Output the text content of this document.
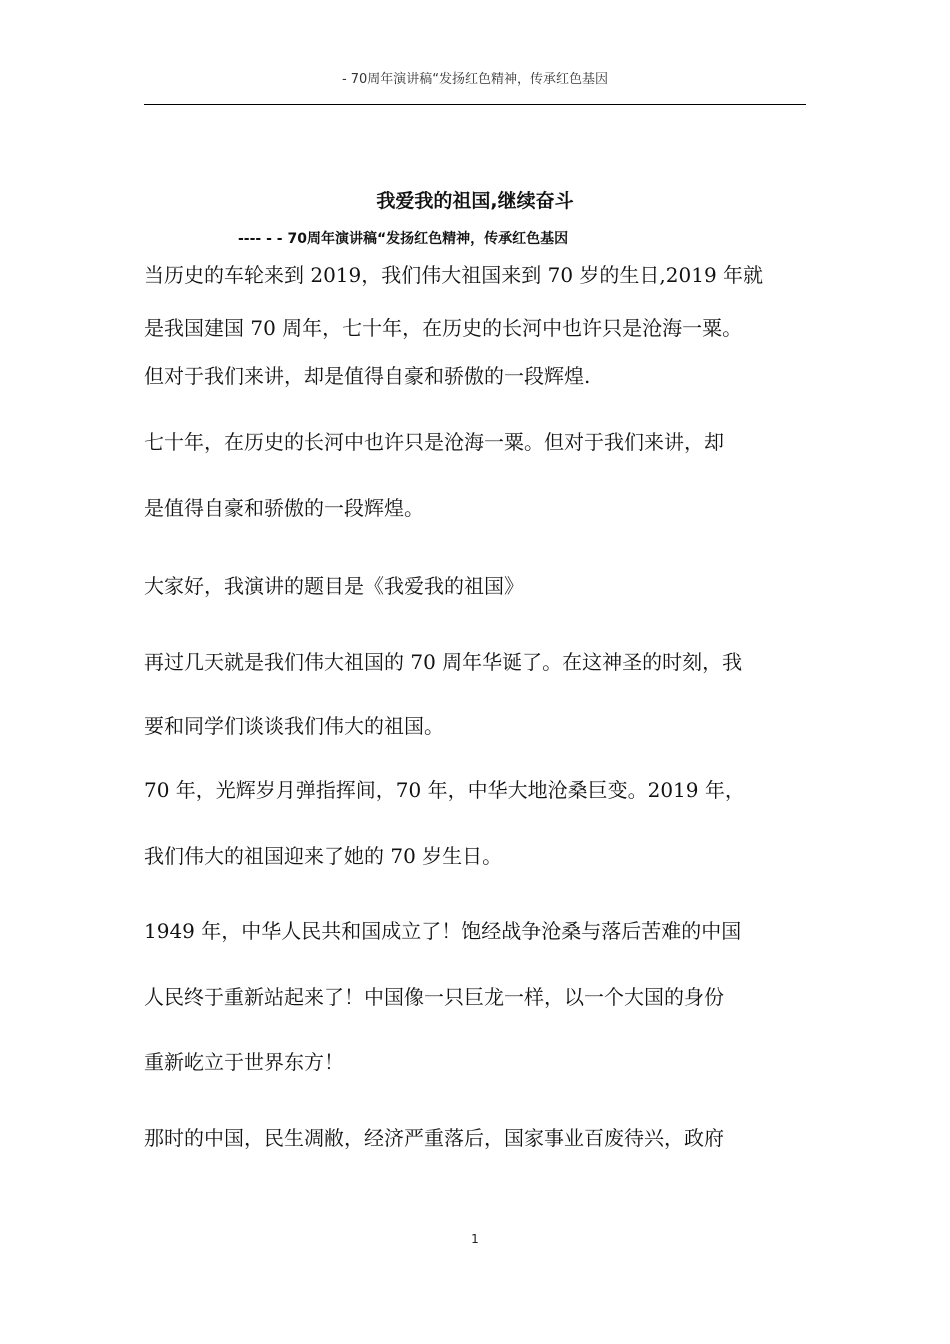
- 70周年演讲稿“发扬红色精神，传承红色基因
我爱我的祖国,继续奋斗
---- - - 70周年演讲稿“发扬红色精神，传承红色基因
当历史的车轮来到 2019，我们伟大祖国来到 70 岁的生日,2019 年就
是我国建国 70 周年，七十年，在历史的长河中也许只是沧海一粟。
但对于我们来讲，却是值得自豪和骄傲的一段辉煌.
七十年，在历史的长河中也许只是沧海一粟。但对于我们来讲，却
是值得自豪和骄傲的一段辉煌。
大家好，我演讲的题目是《我爱我的祖国》
再过几天就是我们伟大祖国的 70 周年华诞了。在这神圣的时刻，我
要和同学们谈谈我们伟大的祖国。
70 年，光辉岁月弹指挥间，70 年，中华大地沧桑巨变。2019 年，
我们伟大的祖国迎来了她的 70 岁生日。
1949 年，中华人民共和国成立了！饱经战争沧桑与落后苦难的中国
人民终于重新站起来了！中国像一只巨龙一样，以一个大国的身份
重新屹立于世界东方！
那时的中国，民生凋敝，经济严重落后，国家事业百废待兴，政府
1
